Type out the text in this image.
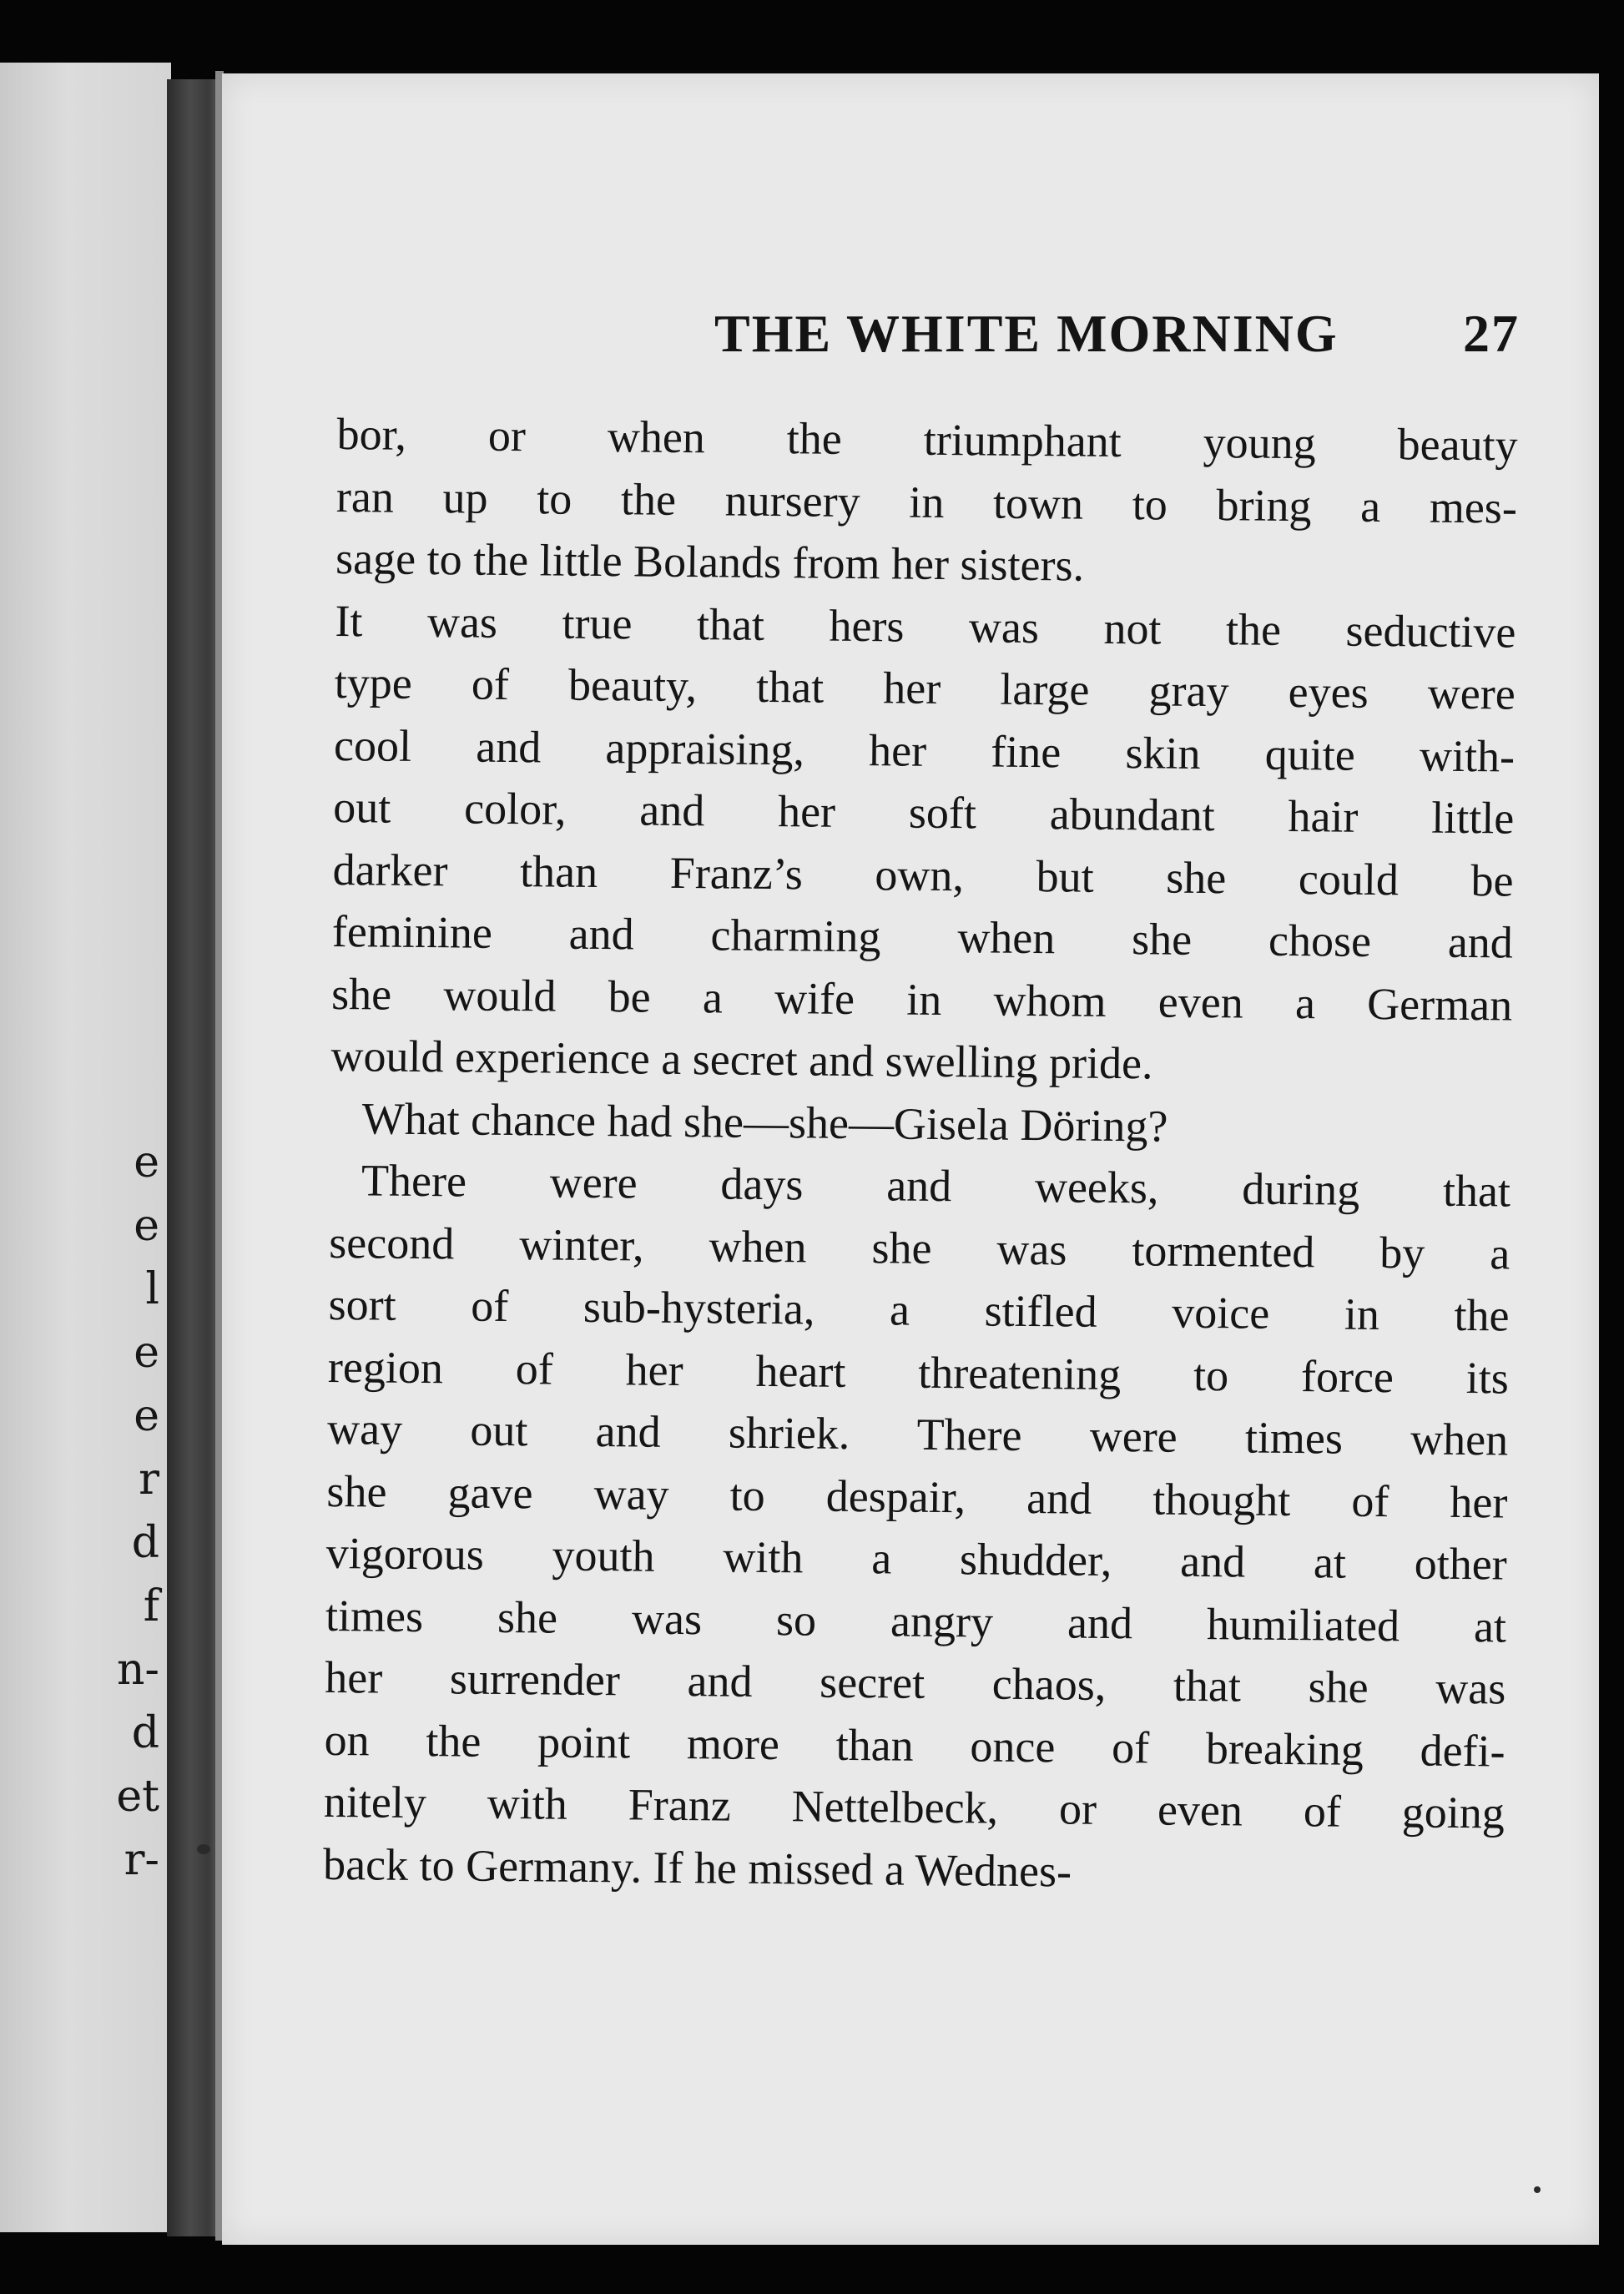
e
e
l
e
e
r
d
f
n-
d
et
r-
THE WHITE MORNING 27
bor, or when the triumphant young beauty
ran up to the nursery in town to bring a mes-
sage to the little Bolands from her sisters.
It was true that hers was not the seductive
type of beauty, that her large gray eyes were
cool and appraising, her fine skin quite with-
out color, and her soft abundant hair little
darker than Franz’s own, but she could be
feminine and charming when she chose and
she would be a wife in whom even a German
would experience a secret and swelling pride.
What chance had she—she—Gisela Döring?
There were days and weeks, during that
second winter, when she was tormented by a
sort of sub-hysteria, a stifled voice in the
region of her heart threatening to force its
way out and shriek. There were times when
she gave way to despair, and thought of her
vigorous youth with a shudder, and at other
times she was so angry and humiliated at
her surrender and secret chaos, that she was
on the point more than once of breaking defi-
nitely with Franz Nettelbeck, or even of going
back to Germany. If he missed a Wednes-
